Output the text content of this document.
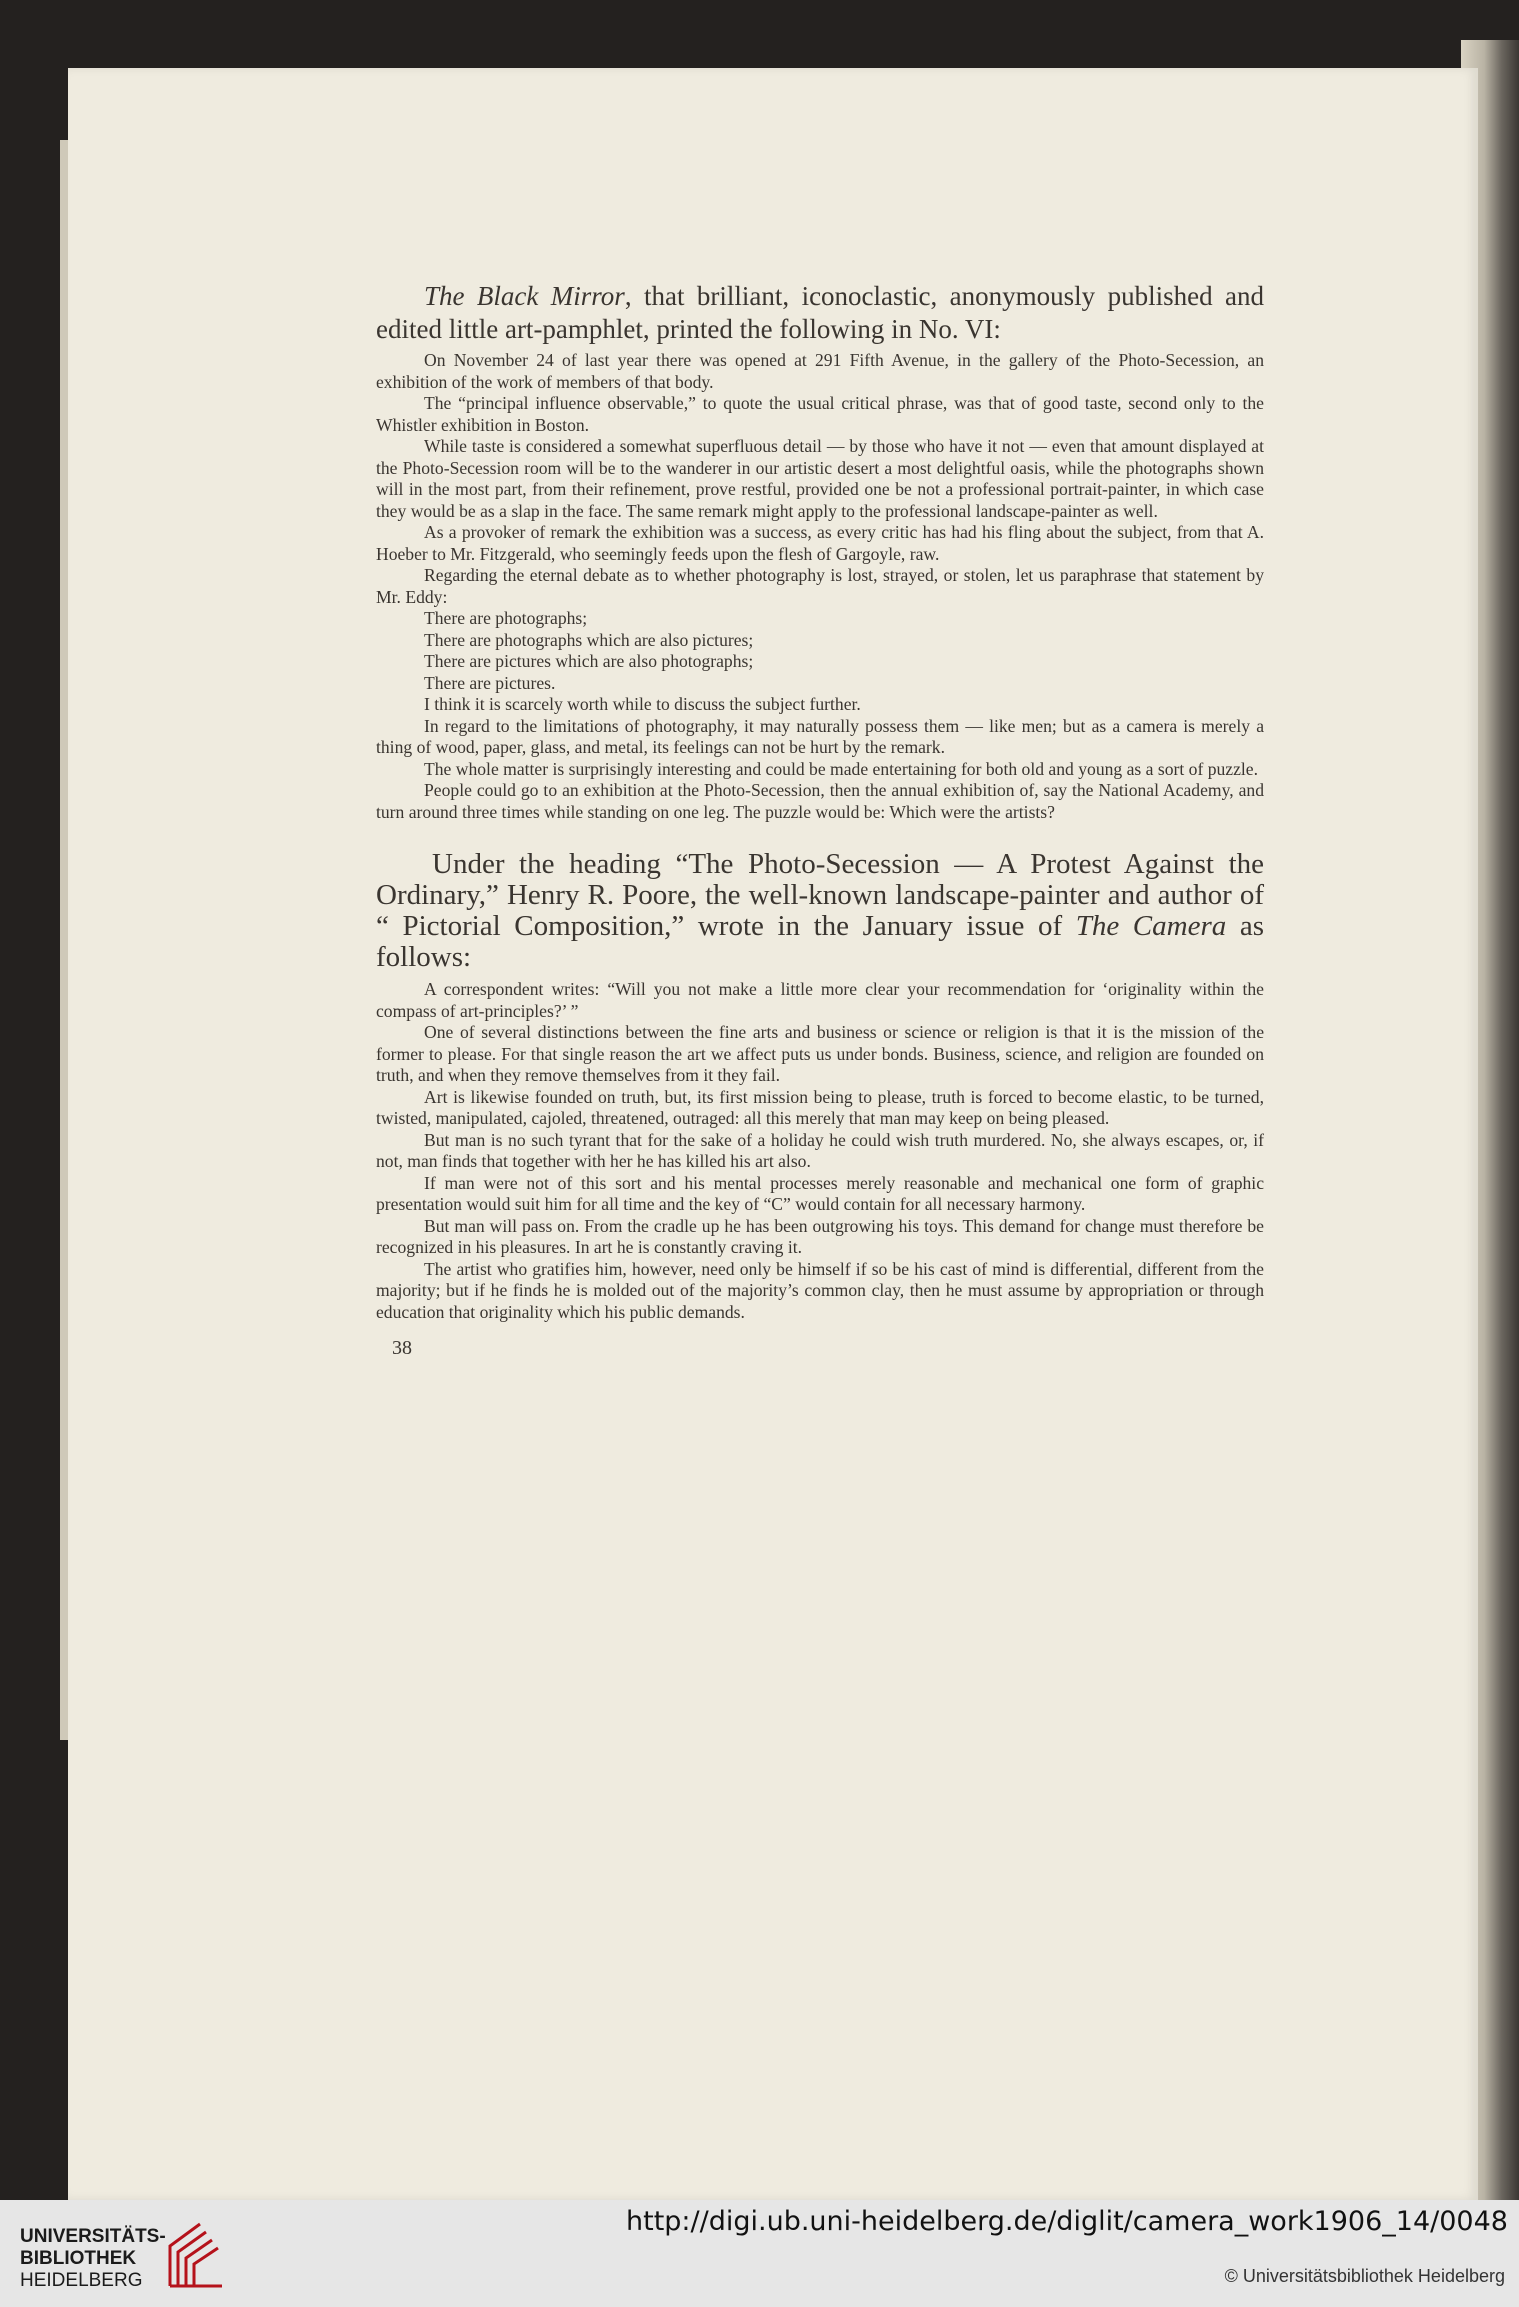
The Black Mirror, that brilliant, iconoclastic, anonymously published and edited little art-pamphlet, printed the following in No. VI:

On November 24 of last year there was opened at 291 Fifth Avenue, in the gallery of the Photo-Secession, an exhibition of the work of members of that body.

The “principal influence observable,” to quote the usual critical phrase, was that of good taste, second only to the Whistler exhibition in Boston.

While taste is considered a somewhat superfluous detail — by those who have it not — even that amount displayed at the Photo-Secession room will be to the wanderer in our artistic desert a most delightful oasis, while the photographs shown will in the most part, from their refinement, prove restful, provided one be not a professional portrait-painter, in which case they would be as a slap in the face. The same remark might apply to the professional landscape-painter as well.

As a provoker of remark the exhibition was a success, as every critic has had his fling about the subject, from that A. Hoeber to Mr. Fitzgerald, who seemingly feeds upon the flesh of Gargoyle, raw.

Regarding the eternal debate as to whether photography is lost, strayed, or stolen, let us paraphrase that statement by Mr. Eddy:

There are photographs;

There are photographs which are also pictures;

There are pictures which are also photographs;

There are pictures.

I think it is scarcely worth while to discuss the subject further.

In regard to the limitations of photography, it may naturally possess them — like men; but as a camera is merely a thing of wood, paper, glass, and metal, its feelings can not be hurt by the remark.

The whole matter is surprisingly interesting and could be made entertaining for both old and young as a sort of puzzle.

People could go to an exhibition at the Photo-Secession, then the annual exhibition of, say the National Academy, and turn around three times while standing on one leg. The puzzle would be: Which were the artists?

Under the heading “The Photo-Secession — A Protest Against the Ordinary,” Henry R. Poore, the well-known landscape-painter and author of “ Pictorial Composition,” wrote in the January issue of The Camera as follows:

A correspondent writes: “Will you not make a little more clear your recommendation for ‘originality within the compass of art-principles?’ ”

One of several distinctions between the fine arts and business or science or religion is that it is the mission of the former to please. For that single reason the art we affect puts us under bonds. Business, science, and religion are founded on truth, and when they remove themselves from it they fail.

Art is likewise founded on truth, but, its first mission being to please, truth is forced to become elastic, to be turned, twisted, manipulated, cajoled, threatened, outraged: all this merely that man may keep on being pleased.

But man is no such tyrant that for the sake of a holiday he could wish truth murdered. No, she always escapes, or, if not, man finds that together with her he has killed his art also.

If man were not of this sort and his mental processes merely reasonable and mechanical one form of graphic presentation would suit him for all time and the key of “C” would contain for all necessary harmony.

But man will pass on. From the cradle up he has been outgrowing his toys. This demand for change must therefore be recognized in his pleasures. In art he is constantly craving it.

The artist who gratifies him, however, need only be himself if so be his cast of mind is differential, different from the majority; but if he finds he is molded out of the majority’s common clay, then he must assume by appropriation or through education that originality which his public demands.

38
UNIVERSITÄTS-
BIBLIOTHEK
HEIDELBERG
http://digi.ub.uni-heidelberg.de/diglit/camera_work1906_14/0048
© Universitätsbibliothek Heidelberg
